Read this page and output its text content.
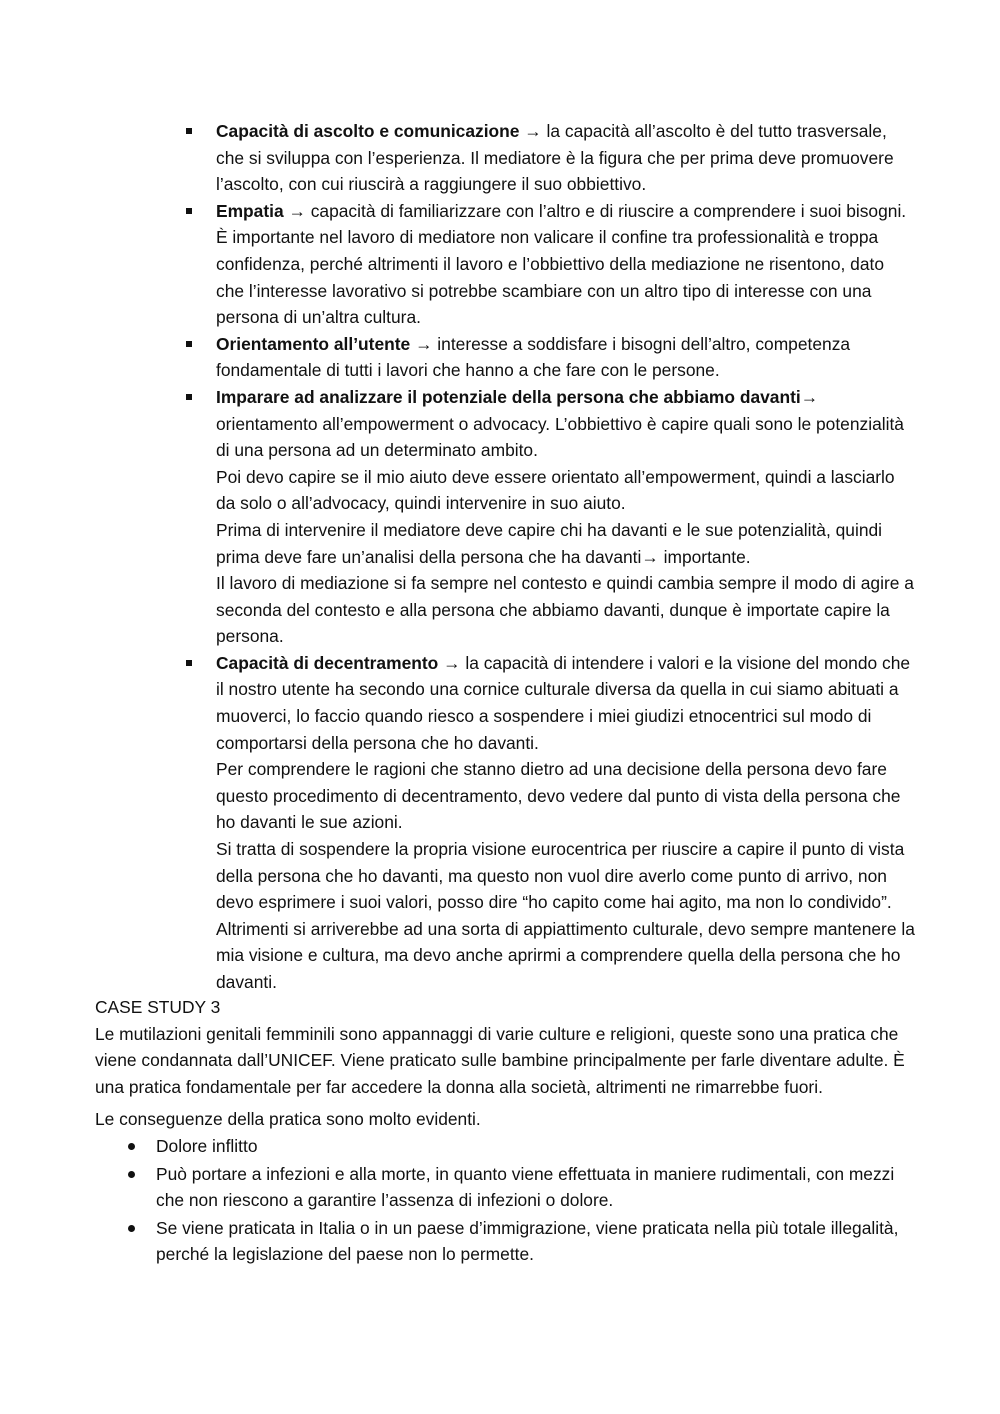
Capacità di ascolto e comunicazione → la capacità all’ascolto è del tutto trasversale, che si sviluppa con l’esperienza. Il mediatore è la figura che per prima deve promuovere l’ascolto, con cui riuscirà a raggiungere il suo obbiettivo.
Empatia → capacità di familiarizzare con l’altro e di riuscire a comprendere i suoi bisogni. È importante nel lavoro di mediatore non valicare il confine tra professionalità e troppa confidenza, perché altrimenti il lavoro e l’obbiettivo della mediazione ne risentono, dato che l’interesse lavorativo si potrebbe scambiare con un altro tipo di interesse con una persona di un’altra cultura.
Orientamento all’utente → interesse a soddisfare i bisogni dell’altro, competenza fondamentale di tutti i lavori che hanno a che fare con le persone.
Imparare ad analizzare il potenziale della persona che abbiamo davanti→ orientamento all’empowerment o advocacy. L’obbiettivo è capire quali sono le potenzialità di una persona ad un determinato ambito.
Poi devo capire se il mio aiuto deve essere orientato all’empowerment, quindi a lasciarlo da solo o all’advocacy, quindi intervenire in suo aiuto.
Prima di intervenire il mediatore deve capire chi ha davanti e le sue potenzialità, quindi prima deve fare un’analisi della persona che ha davanti→ importante.
Il lavoro di mediazione si fa sempre nel contesto e quindi cambia sempre il modo di agire a seconda del contesto e alla persona che abbiamo davanti, dunque è importate capire la persona.
Capacità di decentramento → la capacità di intendere i valori e la visione del mondo che il nostro utente ha secondo una cornice culturale diversa da quella in cui siamo abituati a muoverci, lo faccio quando riesco a sospendere i miei giudizi etnocentrici sul modo di comportarsi della persona che ho davanti.
Per comprendere le ragioni che stanno dietro ad una decisione della persona devo fare questo procedimento di decentramento, devo vedere dal punto di vista della persona che ho davanti le sue azioni.
Si tratta di sospendere la propria visione eurocentrica per riuscire a capire il punto di vista della persona che ho davanti, ma questo non vuol dire averlo come punto di arrivo, non devo esprimere i suoi valori, posso dire “ho capito come hai agito, ma non lo condivido”. Altrimenti si arriverebbe ad una sorta di appiattimento culturale, devo sempre mantenere la mia visione e cultura, ma devo anche aprirmi a comprendere quella della persona che ho davanti.

CASE STUDY 3

Le mutilazioni genitali femminili sono appannaggi di varie culture e religioni, queste sono una pratica che viene condannata dall’UNICEF. Viene praticato sulle bambine principalmente per farle diventare adulte. È una pratica fondamentale per far accedere la donna alla società, altrimenti ne rimarrebbe fuori.

Le conseguenze della pratica sono molto evidenti.

Dolore inflitto
Può portare a infezioni e alla morte, in quanto viene effettuata in maniere rudimentali, con mezzi che non riescono a garantire l’assenza di infezioni o dolore.
Se viene praticata in Italia o in un paese d’immigrazione, viene praticata nella più totale illegalità, perché la legislazione del paese non lo permette.
